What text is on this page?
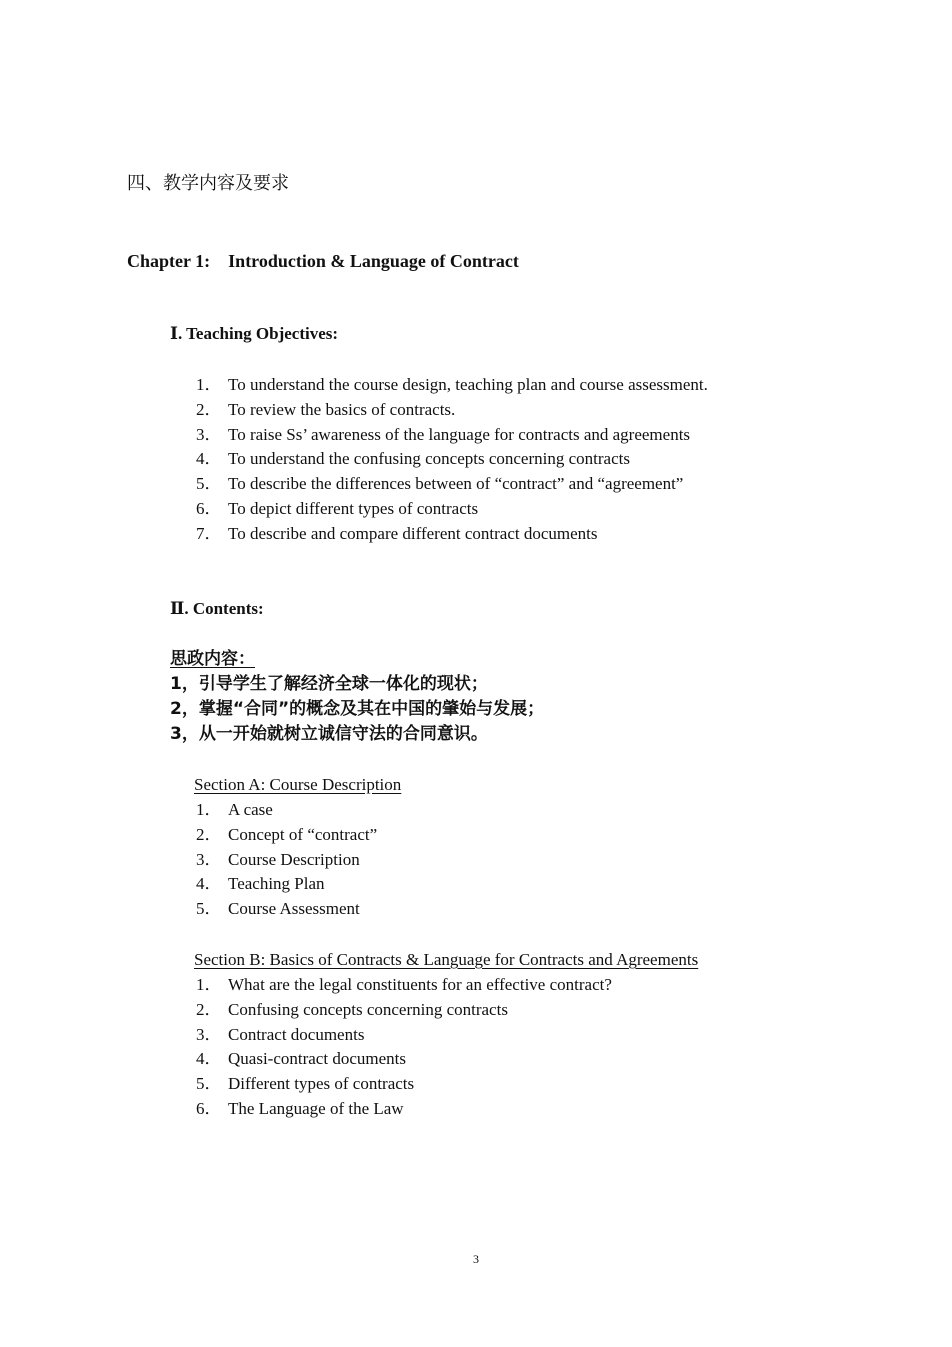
四、教学内容及要求
Chapter 1: Introduction & Language of Contract
Ⅰ. Teaching Objectives:
1． To understand the course design, teaching plan and course assessment.
2． To review the basics of contracts.
3． To raise Ss’ awareness of the language for contracts and agreements
4． To understand the confusing concepts concerning contracts
5． To describe the differences between of “contract” and “agreement”
6． To depict different types of contracts
7． To describe and compare different contract documents
Ⅱ. Contents:
思政内容：
1，引导学生了解经济全球一体化的现状；
2，掌握“合同”的概念及其在中国的肇始与发展；
3，从一开始就树立诚信守法的合同意识。
Section A: Course Description
1． A case
2． Concept of “contract”
3． Course Description
4． Teaching Plan
5． Course Assessment
Section B: Basics of Contracts & Language for Contracts and Agreements
1． What are the legal constituents for an effective contract?
2． Confusing concepts concerning contracts
3． Contract documents
4． Quasi-contract documents
5． Different types of contracts
6． The Language of the Law
3
